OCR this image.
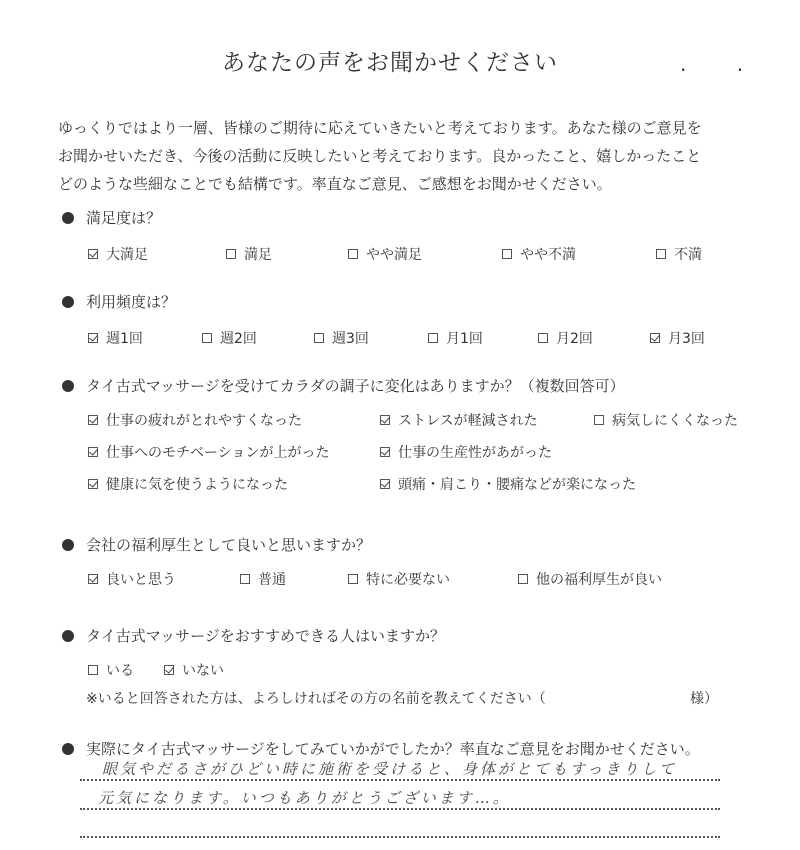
あなたの声をお聞かせください	. .
ゆっくりではより一層、皆様のご期待に応えていきたいと考えております。あなた様のご意見を
お聞かせいただき、今後の活動に反映したいと考えております。良かったこと、嬉しかったこと
どのような些細なことでも結構です。率直なご意見、ご感想をお聞かせください。
満足度は？
大満足	満足	やや満足	やや不満	不満
利用頻度は？
週1回	週2回	週3回	月1回	月2回	月3回
タイ古式マッサージを受けてカラダの調子に変化はありますか？（複数回答可）
仕事の疲れがとれやすくなった	ストレスが軽減された	病気しにくくなった
仕事へのモチベーションが上がった	仕事の生産性があがった
健康に気を使うようになった	頭痛・肩こり・腰痛などが楽になった
会社の福利厚生として良いと思いますか？
良いと思う	普通	特に必要ない	他の福利厚生が良い
タイ古式マッサージをおすすめできる人はいますか？
いる	いない
※いると回答された方は、よろしければその方の名前を教えてください（	様）
実際にタイ古式マッサージをしてみていかがでしたか？率直なご意見をお聞かせください。
眼気やだるさがひどい時に施術を受けると、身体がとてもすっきりして
元気になります。いつもありがとうございます…。
